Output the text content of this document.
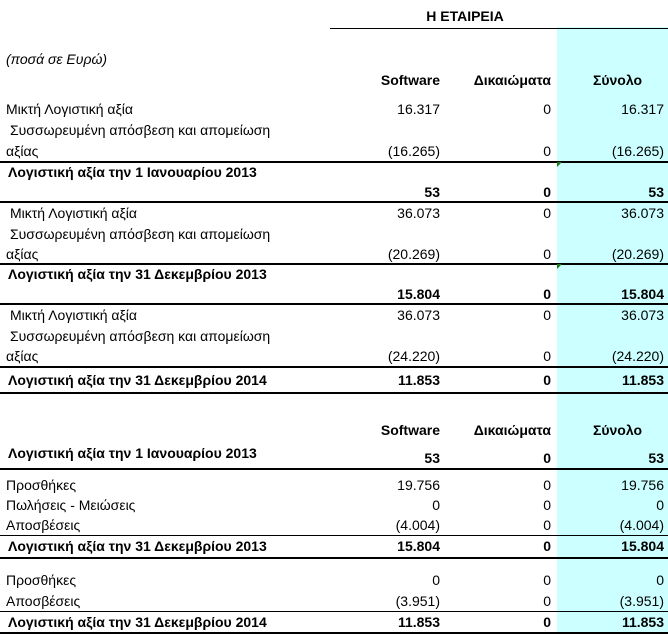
Η ΕΤΑΙΡΕΙΑ
(ποσά σε Ευρώ)
Software Δικαιώματα	Σύνολο
Μικτή Λογιστική αξία	16.317	0	16.317
Συσσωρευμένη απόσβεση και απομείωση
αξίας	(16.265)	0	(16.265)
Λογιστική αξία την 1 Ιανουαρίου 2013
53	0	53
Μικτή Λογιστική αξία	36.073	0	36.073
Συσσωρευμένη απόσβεση και απομείωση
αξίας	(20.269)	0	(20.269)
Λογιστική αξία την 31 Δεκεμβρίου 2013
15.804	0	15.804
Μικτή Λογιστική αξία	36.073	0	36.073
Συσσωρευμένη απόσβεση και απομείωση
αξίας	(24.220)	0	(24.220)
Λογιστική αξία την 31 Δεκεμβρίου 2014	11.853	0	11.853
Software Δικαιώματα	Σύνολο
Λογιστική αξία την 1 Ιανουαρίου 2013	53	0	53
Προσθήκες	19.756	0	19.756
Πωλήσεις - Μειώσεις	0	0	0
Αποσβέσεις	(4.004)	0	(4.004)
Λογιστική αξία την 31 Δεκεμβρίου 2013	15.804	0	15.804
Προσθήκες	0	0	0
Αποσβέσεις	(3.951)	0	(3.951)
Λογιστική αξία την 31 Δεκεμβρίου 2014	11.853	0	11.853
